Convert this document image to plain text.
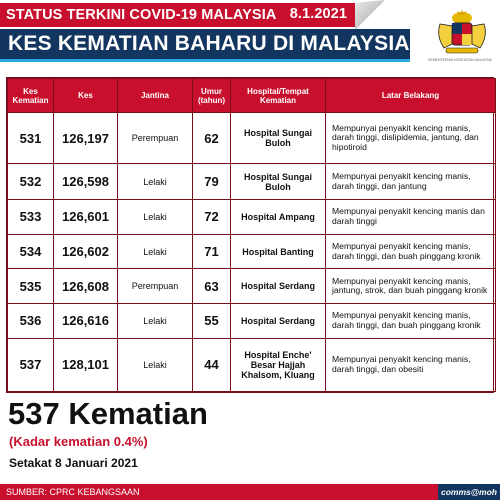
STATUS TERKINI COVID-19 MALAYSIA 8.1.2021
KES KEMATIAN BAHARU DI MALAYSIA
KEMENTERIAN KESIHATAN MALAYSIA
Kes Kematian	Kes	Jantina	Umur (tahun)	Hospital/Tempat Kematian	Latar Belakang
531	126,197	Perempuan	62	Hospital Sungai Buloh	Mempunyai penyakit kencing manis, darah tinggi, dislipidemia, jantung, dan hipotiroid
532	126,598	Lelaki	79	Hospital Sungai Buloh	Mempunyai penyakit kencing manis, darah tinggi, dan jantung
533	126,601	Lelaki	72	Hospital Ampang	Mempunyai penyakit kencing manis dan darah tinggi
534	126,602	Lelaki	71	Hospital Banting	Mempunyai penyakit kencing manis, darah tinggi, dan buah pinggang kronik
535	126,608	Perempuan	63	Hospital Serdang	Mempunyai penyakit kencing manis, jantung, strok, dan buah pinggang kronik
536	126,616	Lelaki	55	Hospital Serdang	Mempunyai penyakit kencing manis, darah tinggi, dan buah pinggang kronik
537	128,101	Lelaki	44	Hospital Enche' Besar Hajjah Khalsom, Kluang	Mempunyai penyakit kencing manis, darah tinggi, dan obesiti
537 Kematian
(Kadar kematian 0.4%)
Setakat 8 Januari 2021
SUMBER: CPRC KEBANGSAAN	comms@moh
